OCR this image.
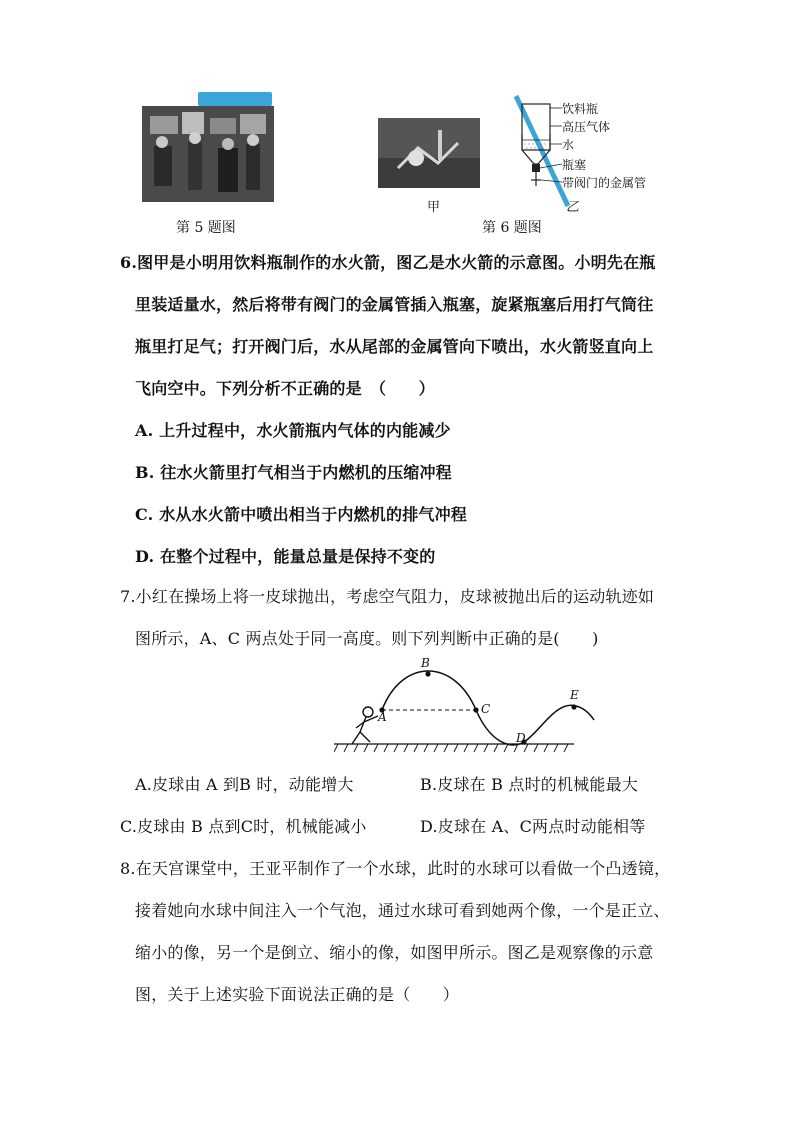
第 5 题图
甲
饮料瓶
高压气体
水
瓶塞
带阀门的金属管
乙
第 6 题图
6.图甲是小明用饮料瓶制作的水火箭，图乙是水火箭的示意图。小明先在瓶
里装适量水，然后将带有阀门的金属管插入瓶塞，旋紧瓶塞后用打气筒往
瓶里打足气；打开阀门后，水从尾部的金属管向下喷出，水火箭竖直向上
飞向空中。下列分析不正确的是　（　　）
A. 上升过程中，水火箭瓶内气体的内能减少
B. 往水火箭里打气相当于内燃机的压缩冲程
C. 水从水火箭中喷出相当于内燃机的排气冲程
D. 在整个过程中，能量总量是保持不变的
7.小红在操场上将一皮球抛出，考虑空气阻力，皮球被抛出后的运动轨迹如
图所示，A、C 两点处于同一高度。则下列判断中正确的是(　　)
A
B
C
D
E
A.皮球由 A 到B 时，动能增大	B.皮球在 B 点时的机械能最大
C.皮球由 B 点到C时，机械能减小	D.皮球在 A、C两点时动能相等
8.在天宫课堂中，王亚平制作了一个水球，此时的水球可以看做一个凸透镜，
接着她向水球中间注入一个气泡，通过水球可看到她两个像，一个是正立、
缩小的像，另一个是倒立、缩小的像，如图甲所示。图乙是观察像的示意
图，关于上述实验下面说法正确的是（　　）
